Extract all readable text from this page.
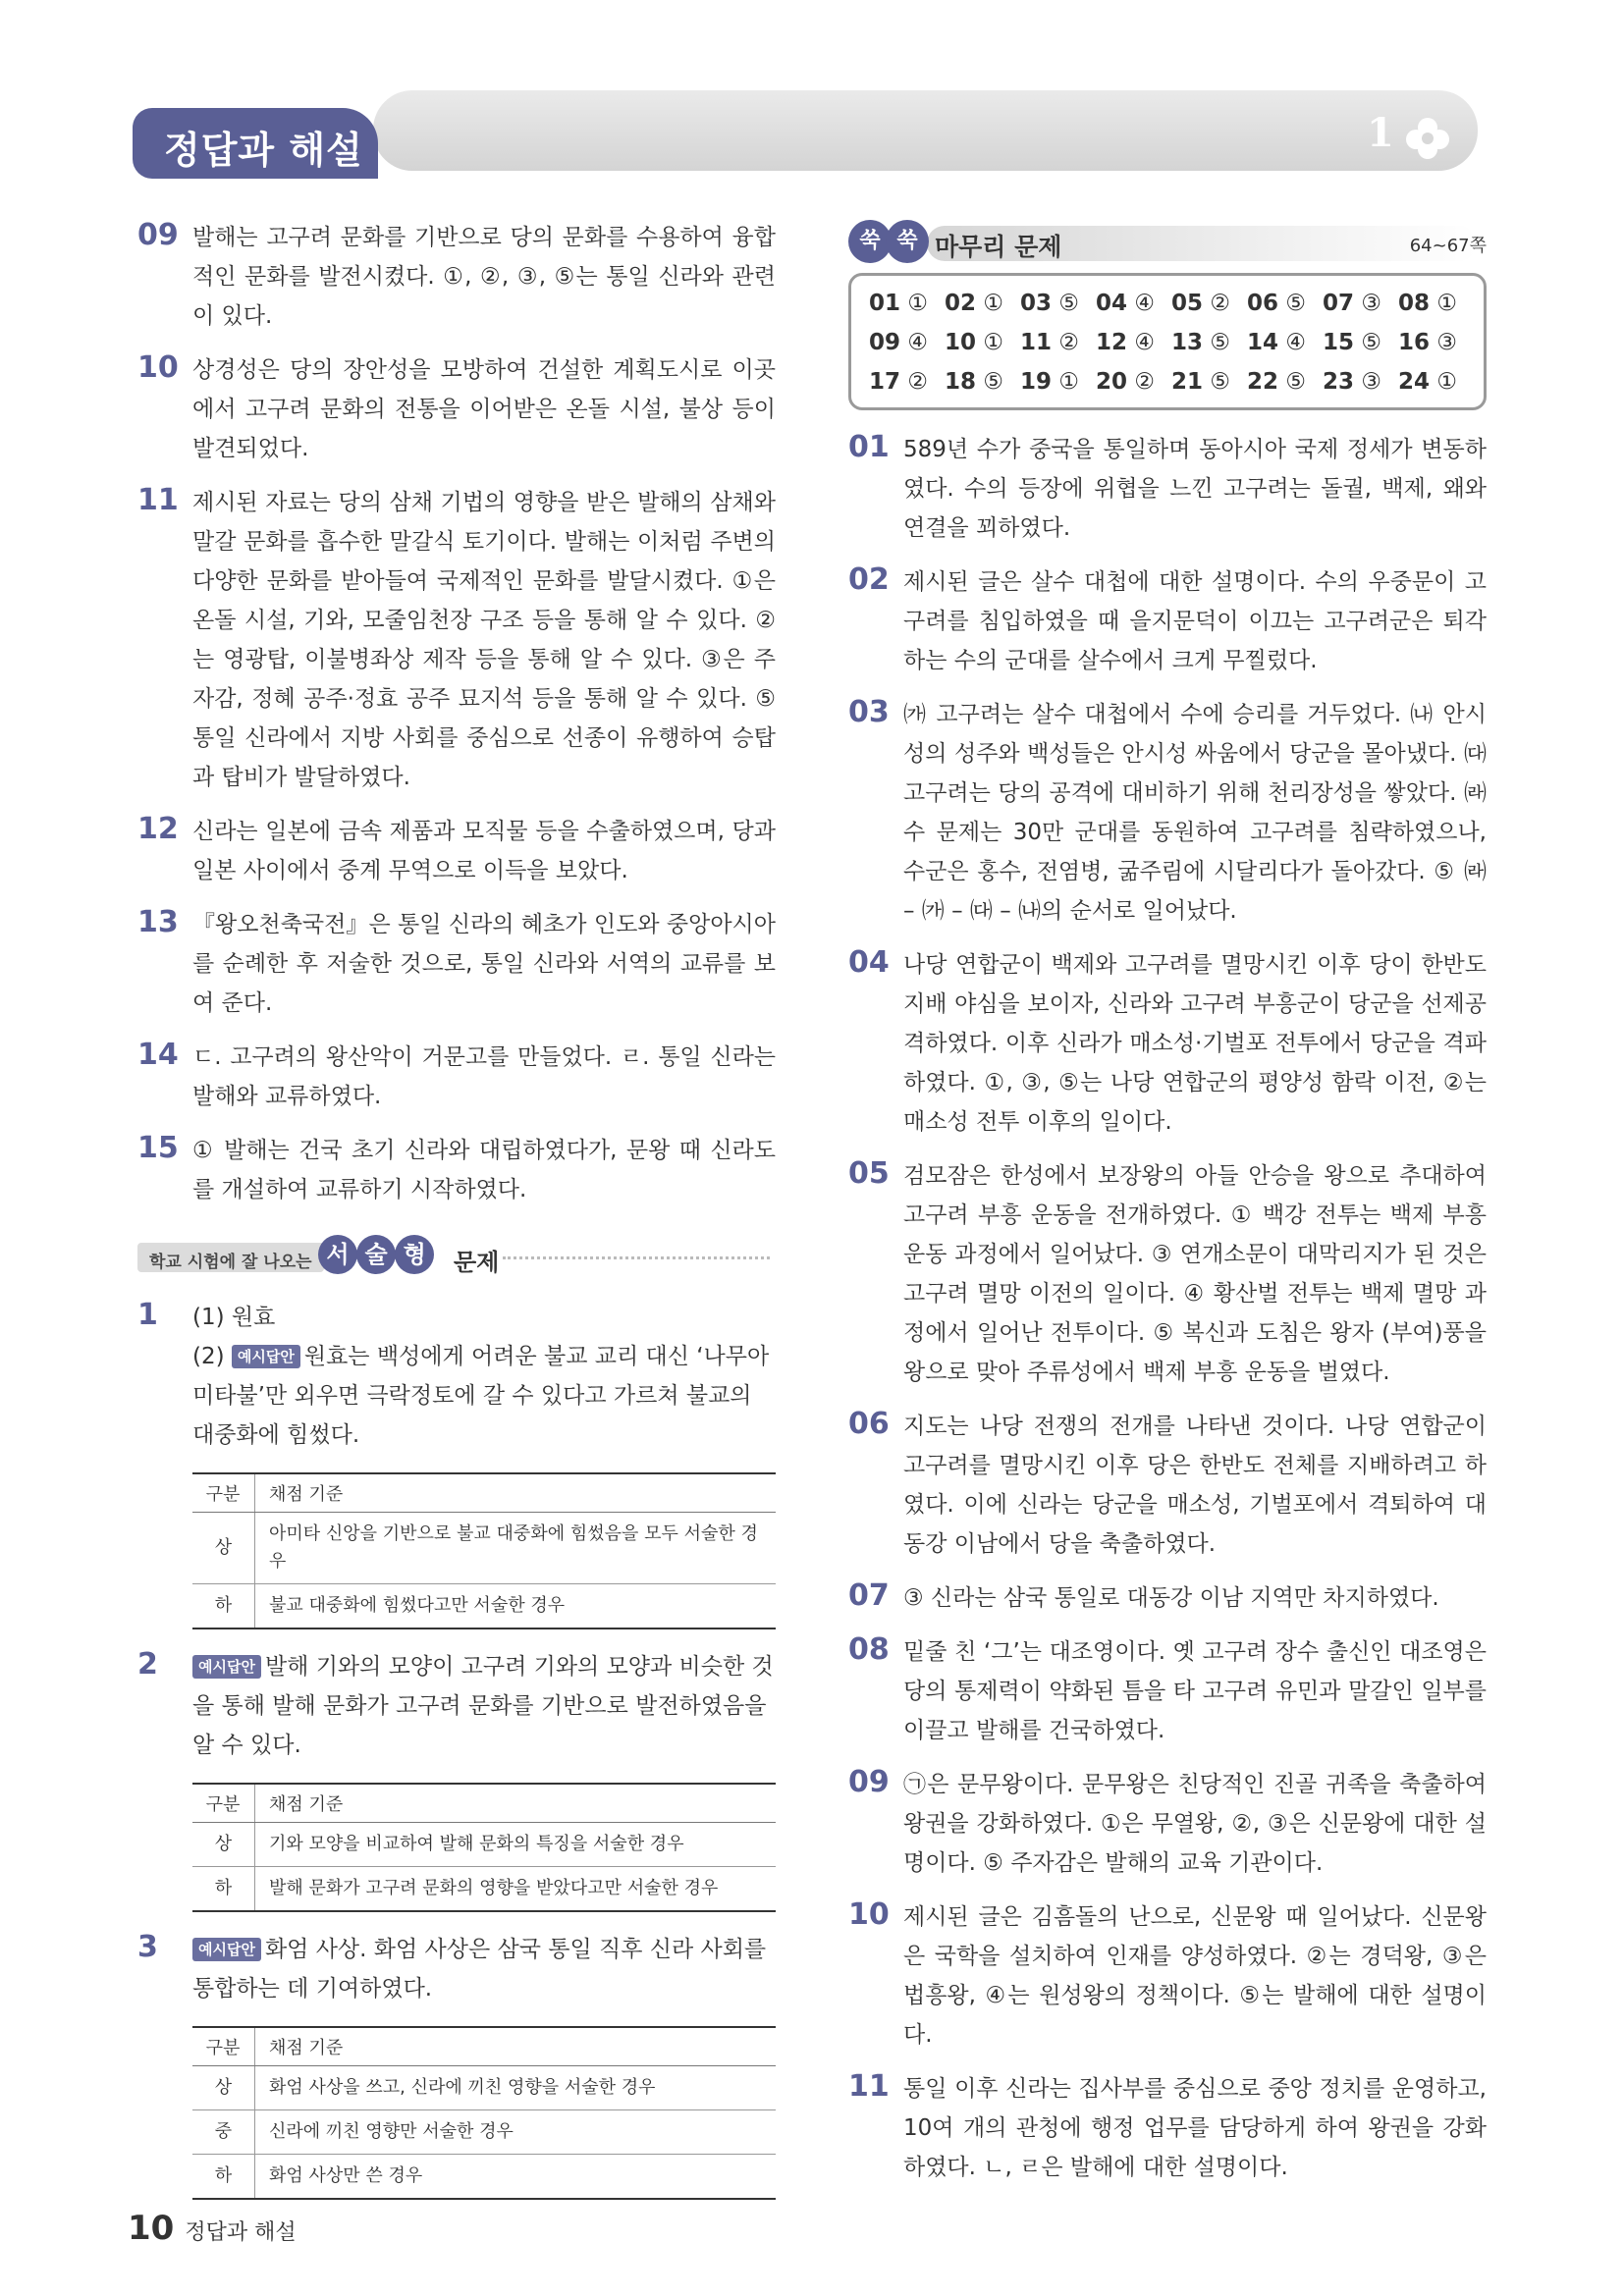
정답과 해설	1
09 발해는 고구려 문화를 기반으로 당의 문화를 수용하여 융합적인 문화를 발전시켰다. ①, ②, ③, ⑤는 통일 신라와 관련이 있다.
10 상경성은 당의 장안성을 모방하여 건설한 계획도시로 이곳에서 고구려 문화의 전통을 이어받은 온돌 시설, 불상 등이 발견되었다.
11 제시된 자료는 당의 삼채 기법의 영향을 받은 발해의 삼채와 말갈 문화를 흡수한 말갈식 토기이다. 발해는 이처럼 주변의 다양한 문화를 받아들여 국제적인 문화를 발달시켰다. ①은 온돌 시설, 기와, 모줄임천장 구조 등을 통해 알 수 있다. ②는 영광탑, 이불병좌상 제작 등을 통해 알 수 있다. ③은 주자감, 정혜 공주·정효 공주 묘지석 등을 통해 알 수 있다. ⑤ 통일 신라에서 지방 사회를 중심으로 선종이 유행하여 승탑과 탑비가 발달하였다.
12 신라는 일본에 금속 제품과 모직물 등을 수출하였으며, 당과 일본 사이에서 중계 무역으로 이득을 보았다.
13 『왕오천축국전』은 통일 신라의 혜초가 인도와 중앙아시아를 순례한 후 저술한 것으로, 통일 신라와 서역의 교류를 보여 준다.
14 ㄷ. 고구려의 왕산악이 거문고를 만들었다. ㄹ. 통일 신라는 발해와 교류하였다.
15 ① 발해는 건국 초기 신라와 대립하였다가, 문왕 때 신라도를 개설하여 교류하기 시작하였다.
학교 시험에 잘 나오는 서 술 형 문제
1 (1) 원효
(2) 예시답안 원효는 백성에게 어려운 불교 교리 대신 ‘나무아미타불’만 외우면 극락정토에 갈 수 있다고 가르쳐 불교의 대중화에 힘썼다.
구분	채점 기준
상	아미타 신앙을 기반으로 불교 대중화에 힘썼음을 모두 서술한 경우
하	불교 대중화에 힘썼다고만 서술한 경우
2	예시답안 발해 기와의 모양이 고구려 기와의 모양과 비슷한 것을 통해 발해 문화가 고구려 문화를 기반으로 발전하였음을 알 수 있다.
구분	채점 기준
상	기와 모양을 비교하여 발해 문화의 특징을 서술한 경우
하	발해 문화가 고구려 문화의 영향을 받았다고만 서술한 경우
3	예시답안 화엄 사상. 화엄 사상은 삼국 통일 직후 신라 사회를 통합하는 데 기여하였다.
구분	채점 기준
상	화엄 사상을 쓰고, 신라에 끼친 영향을 서술한 경우
중	신라에 끼친 영향만 서술한 경우
하	화엄 사상만 쓴 경우
마무리 문제
쑥 쑥	64~67쪽
01 ① 02 ① 03 ⑤ 04 ④ 05 ② 06 ⑤ 07 ③ 08 ①
09 ④ 10 ① 11 ② 12 ④ 13 ⑤ 14 ④ 15 ⑤ 16 ③
17 ② 18 ⑤ 19 ① 20 ② 21 ⑤ 22 ⑤ 23 ③ 24 ①
01 589년 수가 중국을 통일하며 동아시아 국제 정세가 변동하였다. 수의 등장에 위협을 느낀 고구려는 돌궐, 백제, 왜와 연결을 꾀하였다.
02 제시된 글은 살수 대첩에 대한 설명이다. 수의 우중문이 고구려를 침입하였을 때 을지문덕이 이끄는 고구려군은 퇴각하는 수의 군대를 살수에서 크게 무찔렀다.
03 ㈎ 고구려는 살수 대첩에서 수에 승리를 거두었다. ㈏ 안시성의 성주와 백성들은 안시성 싸움에서 당군을 몰아냈다. ㈐ 고구려는 당의 공격에 대비하기 위해 천리장성을 쌓았다. ㈑ 수 문제는 30만 군대를 동원하여 고구려를 침략하였으나, 수군은 홍수, 전염병, 굶주림에 시달리다가 돌아갔다. ⑤ ㈑ – ㈎ – ㈐ – ㈏의 순서로 일어났다.
04 나당 연합군이 백제와 고구려를 멸망시킨 이후 당이 한반도 지배 야심을 보이자, 신라와 고구려 부흥군이 당군을 선제공격하였다. 이후 신라가 매소성·기벌포 전투에서 당군을 격파하였다. ①, ③, ⑤는 나당 연합군의 평양성 함락 이전, ②는 매소성 전투 이후의 일이다.
05 검모잠은 한성에서 보장왕의 아들 안승을 왕으로 추대하여 고구려 부흥 운동을 전개하였다. ① 백강 전투는 백제 부흥 운동 과정에서 일어났다. ③ 연개소문이 대막리지가 된 것은 고구려 멸망 이전의 일이다. ④ 황산벌 전투는 백제 멸망 과정에서 일어난 전투이다. ⑤ 복신과 도침은 왕자 (부여)풍을 왕으로 맞아 주류성에서 백제 부흥 운동을 벌였다.
06 지도는 나당 전쟁의 전개를 나타낸 것이다. 나당 연합군이 고구려를 멸망시킨 이후 당은 한반도 전체를 지배하려고 하였다. 이에 신라는 당군을 매소성, 기벌포에서 격퇴하여 대동강 이남에서 당을 축출하였다.
07 ③ 신라는 삼국 통일로 대동강 이남 지역만 차지하였다.
08 밑줄 친 ‘그’는 대조영이다. 옛 고구려 장수 출신인 대조영은 당의 통제력이 약화된 틈을 타 고구려 유민과 말갈인 일부를 이끌고 발해를 건국하였다.
09 ㉠은 문무왕이다. 문무왕은 친당적인 진골 귀족을 축출하여 왕권을 강화하였다. ①은 무열왕, ②, ③은 신문왕에 대한 설명이다. ⑤ 주자감은 발해의 교육 기관이다.
10 제시된 글은 김흠돌의 난으로, 신문왕 때 일어났다. 신문왕은 국학을 설치하여 인재를 양성하였다. ②는 경덕왕, ③은 법흥왕, ④는 원성왕의 정책이다. ⑤는 발해에 대한 설명이다.
11 통일 이후 신라는 집사부를 중심으로 중앙 정치를 운영하고, 10여 개의 관청에 행정 업무를 담당하게 하여 왕권을 강화하였다. ㄴ, ㄹ은 발해에 대한 설명이다.
10 정답과 해설
